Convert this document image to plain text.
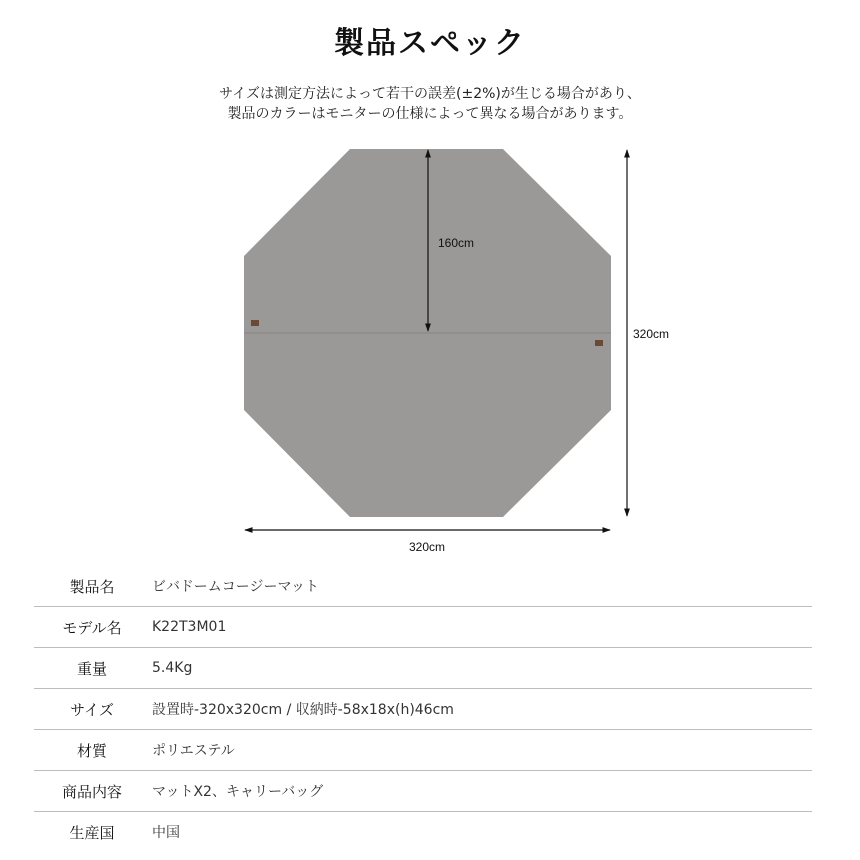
製品スペック
サイズは測定方法によって若干の誤差(±2%)が生じる場合があり、
製品のカラーはモニターの仕様によって異なる場合があります。
160cm
320cm
320cm
製品名	ビバドームコージーマット
モデル名	K22T3M01
重量	5.4Kg
サイズ	設置時-320x320cm / 収納時-58x18x(h)46cm
材質	ポリエステル
商品内容	マットX2、キャリーバッグ
生産国	中国
